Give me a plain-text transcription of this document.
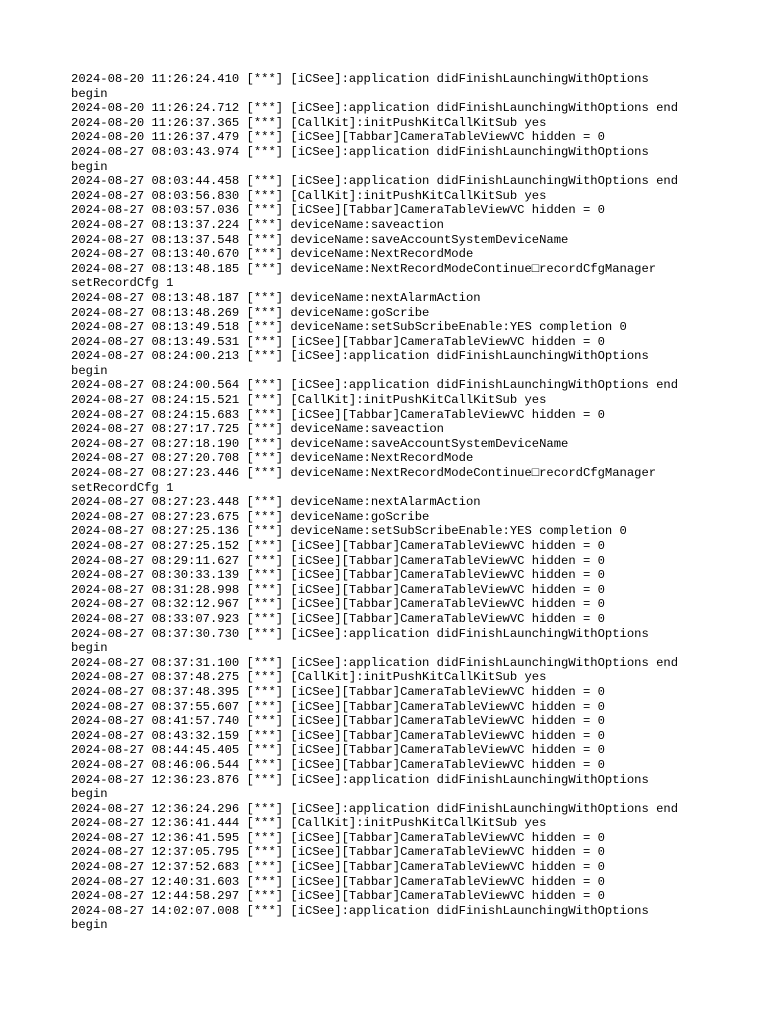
2024-08-20 11:26:24.410 [***] [iCSee]:application didFinishLaunchingWithOptions
begin
2024-08-20 11:26:24.712 [***] [iCSee]:application didFinishLaunchingWithOptions end
2024-08-20 11:26:37.365 [***] [CallKit]:initPushKitCallKitSub yes
2024-08-20 11:26:37.479 [***] [iCSee][Tabbar]CameraTableViewVC hidden = 0
2024-08-27 08:03:43.974 [***] [iCSee]:application didFinishLaunchingWithOptions
begin
2024-08-27 08:03:44.458 [***] [iCSee]:application didFinishLaunchingWithOptions end
2024-08-27 08:03:56.830 [***] [CallKit]:initPushKitCallKitSub yes
2024-08-27 08:03:57.036 [***] [iCSee][Tabbar]CameraTableViewVC hidden = 0
2024-08-27 08:13:37.224 [***] deviceName:saveaction
2024-08-27 08:13:37.548 [***] deviceName:saveAccountSystemDeviceName
2024-08-27 08:13:40.670 [***] deviceName:NextRecordMode
2024-08-27 08:13:48.185 [***] deviceName:NextRecordModeContinue□recordCfgManager
setRecordCfg 1
2024-08-27 08:13:48.187 [***] deviceName:nextAlarmAction
2024-08-27 08:13:48.269 [***] deviceName:goScribe
2024-08-27 08:13:49.518 [***] deviceName:setSubScribeEnable:YES completion 0
2024-08-27 08:13:49.531 [***] [iCSee][Tabbar]CameraTableViewVC hidden = 0
2024-08-27 08:24:00.213 [***] [iCSee]:application didFinishLaunchingWithOptions
begin
2024-08-27 08:24:00.564 [***] [iCSee]:application didFinishLaunchingWithOptions end
2024-08-27 08:24:15.521 [***] [CallKit]:initPushKitCallKitSub yes
2024-08-27 08:24:15.683 [***] [iCSee][Tabbar]CameraTableViewVC hidden = 0
2024-08-27 08:27:17.725 [***] deviceName:saveaction
2024-08-27 08:27:18.190 [***] deviceName:saveAccountSystemDeviceName
2024-08-27 08:27:20.708 [***] deviceName:NextRecordMode
2024-08-27 08:27:23.446 [***] deviceName:NextRecordModeContinue□recordCfgManager
setRecordCfg 1
2024-08-27 08:27:23.448 [***] deviceName:nextAlarmAction
2024-08-27 08:27:23.675 [***] deviceName:goScribe
2024-08-27 08:27:25.136 [***] deviceName:setSubScribeEnable:YES completion 0
2024-08-27 08:27:25.152 [***] [iCSee][Tabbar]CameraTableViewVC hidden = 0
2024-08-27 08:29:11.627 [***] [iCSee][Tabbar]CameraTableViewVC hidden = 0
2024-08-27 08:30:33.139 [***] [iCSee][Tabbar]CameraTableViewVC hidden = 0
2024-08-27 08:31:28.998 [***] [iCSee][Tabbar]CameraTableViewVC hidden = 0
2024-08-27 08:32:12.967 [***] [iCSee][Tabbar]CameraTableViewVC hidden = 0
2024-08-27 08:33:07.923 [***] [iCSee][Tabbar]CameraTableViewVC hidden = 0
2024-08-27 08:37:30.730 [***] [iCSee]:application didFinishLaunchingWithOptions
begin
2024-08-27 08:37:31.100 [***] [iCSee]:application didFinishLaunchingWithOptions end
2024-08-27 08:37:48.275 [***] [CallKit]:initPushKitCallKitSub yes
2024-08-27 08:37:48.395 [***] [iCSee][Tabbar]CameraTableViewVC hidden = 0
2024-08-27 08:37:55.607 [***] [iCSee][Tabbar]CameraTableViewVC hidden = 0
2024-08-27 08:41:57.740 [***] [iCSee][Tabbar]CameraTableViewVC hidden = 0
2024-08-27 08:43:32.159 [***] [iCSee][Tabbar]CameraTableViewVC hidden = 0
2024-08-27 08:44:45.405 [***] [iCSee][Tabbar]CameraTableViewVC hidden = 0
2024-08-27 08:46:06.544 [***] [iCSee][Tabbar]CameraTableViewVC hidden = 0
2024-08-27 12:36:23.876 [***] [iCSee]:application didFinishLaunchingWithOptions
begin
2024-08-27 12:36:24.296 [***] [iCSee]:application didFinishLaunchingWithOptions end
2024-08-27 12:36:41.444 [***] [CallKit]:initPushKitCallKitSub yes
2024-08-27 12:36:41.595 [***] [iCSee][Tabbar]CameraTableViewVC hidden = 0
2024-08-27 12:37:05.795 [***] [iCSee][Tabbar]CameraTableViewVC hidden = 0
2024-08-27 12:37:52.683 [***] [iCSee][Tabbar]CameraTableViewVC hidden = 0
2024-08-27 12:40:31.603 [***] [iCSee][Tabbar]CameraTableViewVC hidden = 0
2024-08-27 12:44:58.297 [***] [iCSee][Tabbar]CameraTableViewVC hidden = 0
2024-08-27 14:02:07.008 [***] [iCSee]:application didFinishLaunchingWithOptions
begin
